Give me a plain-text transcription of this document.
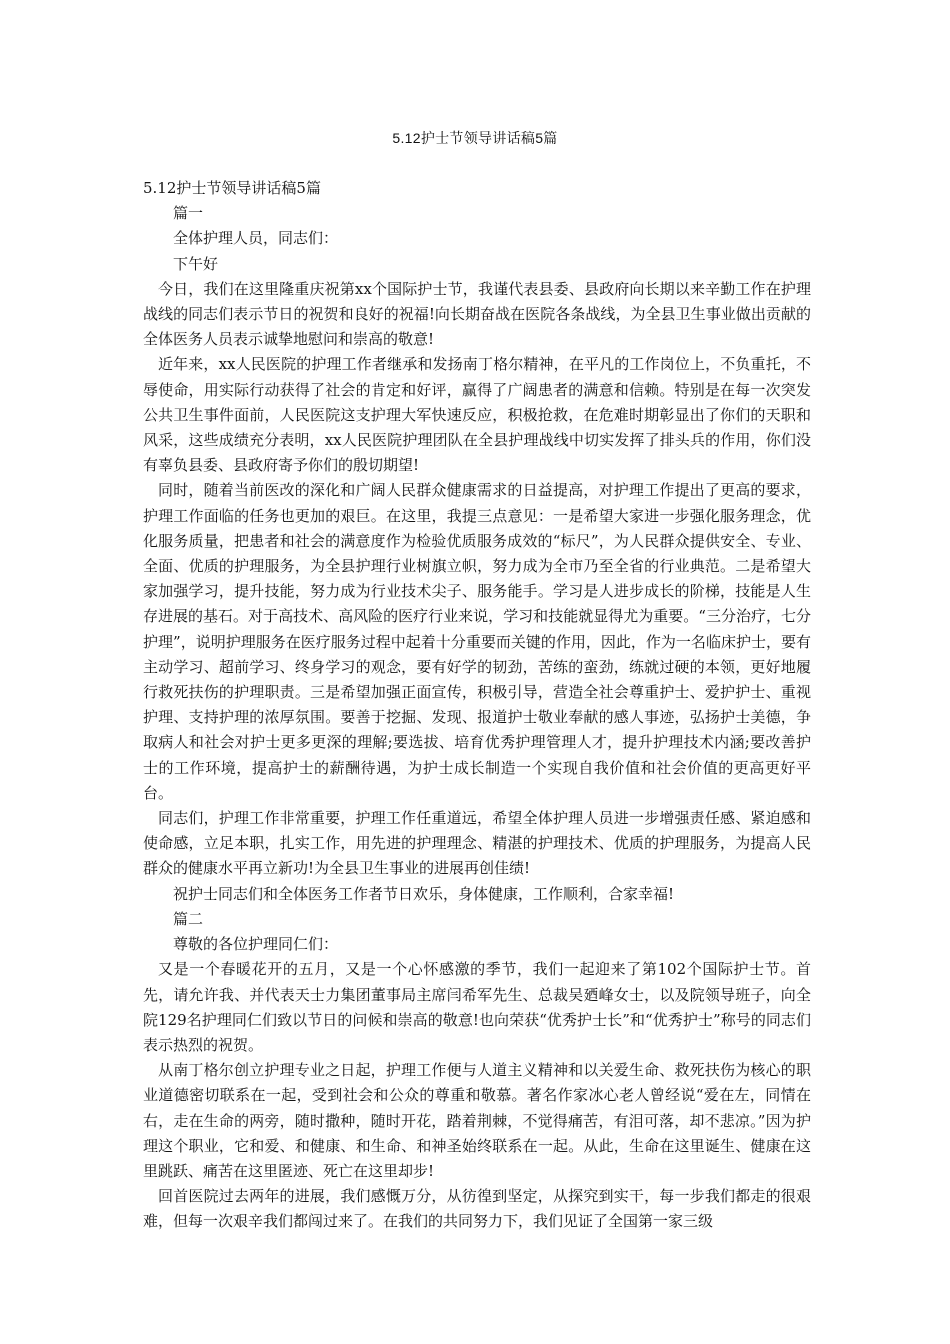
5.12护士节领导讲话稿5篇

5.12护士节领导讲话稿5篇

篇一

全体护理人员，同志们：

下午好

今日，我们在这里隆重庆祝第xx个国际护士节，我谨代表县委、县政府向长期以来辛勤工作在护理战线的同志们表示节日的祝贺和良好的祝福!向长期奋战在医院各条战线，为全县卫生事业做出贡献的全体医务人员表示诚挚地慰问和崇高的敬意!

近年来，xx人民医院的护理工作者继承和发扬南丁格尔精神，在平凡的工作岗位上，不负重托，不辱使命，用实际行动获得了社会的肯定和好评，赢得了广阔患者的满意和信赖。特别是在每一次突发公共卫生事件面前，人民医院这支护理大军快速反应，积极抢救，在危难时期彰显出了你们的天职和风采，这些成绩充分表明，xx人民医院护理团队在全县护理战线中切实发挥了排头兵的作用，你们没有辜负县委、县政府寄予你们的殷切期望!

同时，随着当前医改的深化和广阔人民群众健康需求的日益提高，对护理工作提出了更高的要求，护理工作面临的任务也更加的艰巨。在这里，我提三点意见：一是希望大家进一步强化服务理念，优化服务质量，把患者和社会的满意度作为检验优质服务成效的“标尺”，为人民群众提供安全、专业、全面、优质的护理服务，为全县护理行业树旗立帜，努力成为全市乃至全省的行业典范。二是希望大家加强学习，提升技能，努力成为行业技术尖子、服务能手。学习是人进步成长的阶梯，技能是人生存进展的基石。对于高技术、高风险的医疗行业来说，学习和技能就显得尤为重要。“三分治疗，七分护理”，说明护理服务在医疗服务过程中起着十分重要而关键的作用，因此，作为一名临床护士，要有主动学习、超前学习、终身学习的观念，要有好学的韧劲，苦练的蛮劲，练就过硬的本领，更好地履行救死扶伤的护理职责。三是希望加强正面宣传，积极引导，营造全社会尊重护士、爱护护士、重视护理、支持护理的浓厚氛围。要善于挖掘、发现、报道护士敬业奉献的感人事迹，弘扬护士美德，争取病人和社会对护士更多更深的理解;要选拔、培育优秀护理管理人才，提升护理技术内涵;要改善护士的工作环境，提高护士的薪酬待遇，为护士成长制造一个实现自我价值和社会价值的更高更好平台。

同志们，护理工作非常重要，护理工作任重道远，希望全体护理人员进一步增强责任感、紧迫感和使命感，立足本职，扎实工作，用先进的护理理念、精湛的护理技术、优质的护理服务，为提高人民群众的健康水平再立新功!为全县卫生事业的进展再创佳绩!

祝护士同志们和全体医务工作者节日欢乐，身体健康，工作顺利，合家幸福!

篇二

尊敬的各位护理同仁们：

又是一个春暖花开的五月，又是一个心怀感激的季节，我们一起迎来了第102个国际护士节。首先，请允许我、并代表天士力集团董事局主席闫希军先生、总裁吴廼峰女士，以及院领导班子，向全院129名护理同仁们致以节日的问候和崇高的敬意!也向荣获“优秀护士长”和“优秀护士”称号的同志们表示热烈的祝贺。

从南丁格尔创立护理专业之日起，护理工作便与人道主义精神和以关爱生命、救死扶伤为核心的职业道德密切联系在一起，受到社会和公众的尊重和敬慕。著名作家冰心老人曾经说“爱在左，同情在右，走在生命的两旁，随时撒种，随时开花，踏着荆棘，不觉得痛苦，有泪可落，却不悲凉。”因为护理这个职业，它和爱、和健康、和生命、和神圣始终联系在一起。从此，生命在这里诞生、健康在这里跳跃、痛苦在这里匿迹、死亡在这里却步!

回首医院过去两年的进展，我们感慨万分，从彷徨到坚定，从探究到实干，每一步我们都走的很艰难，但每一次艰辛我们都闯过来了。在我们的共同努力下，我们见证了全国第一家三级
